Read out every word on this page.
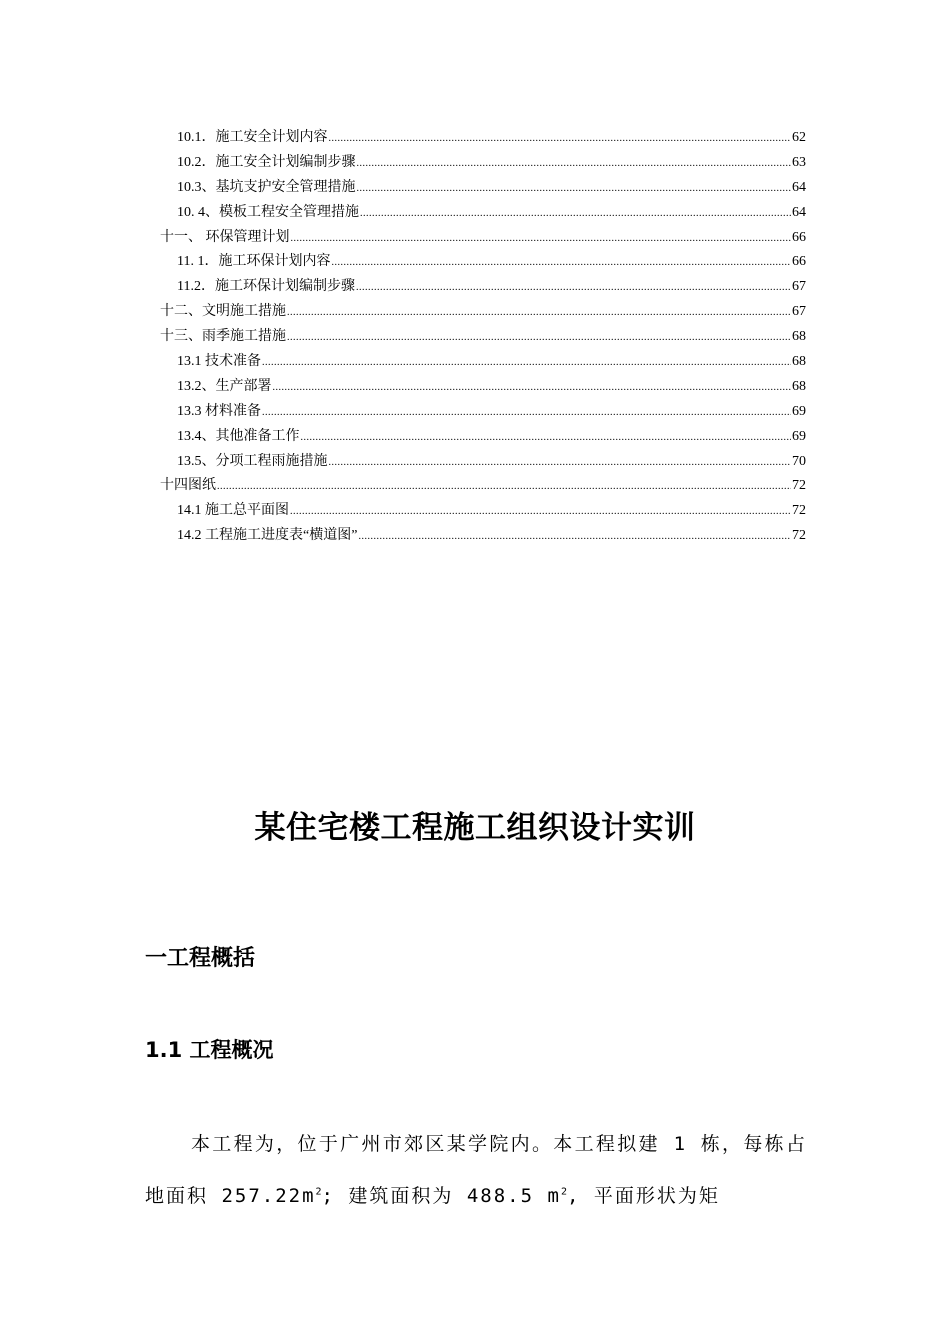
10.1．施工安全计划内容 .....	62
10.2．施工安全计划编制步骤 .....	63
10.3、基坑支护安全管理措施 .....	64
10. 4、模板工程安全管理措施 .....	64
十一、 环保管理计划 .....	66
11. 1．施工环保计划内容 .....	66
11.2．施工环保计划编制步骤 .....	67
十二、文明施工措施 .....	67
十三、雨季施工措施 .....	68
13.1 技术准备 .....	68
13.2、生产部署 .....	68
13.3 材料准备 .....	69
13.4、其他准备工作 .....	69
13.5、分项工程雨施措施 .....	70
十四图纸 .....	72
14.1 施工总平面图 .....	72
14.2 工程施工进度表“横道图” .....	72
某住宅楼工程施工组织设计实训
一工程概括
1.1 工程概况

本工程为，位于广州市郊区某学院内。本工程拟建 1 栋，每栋占地面积 $257.22m^2$; 建筑面积为 488.5 $m^2$, 平面形状为矩
